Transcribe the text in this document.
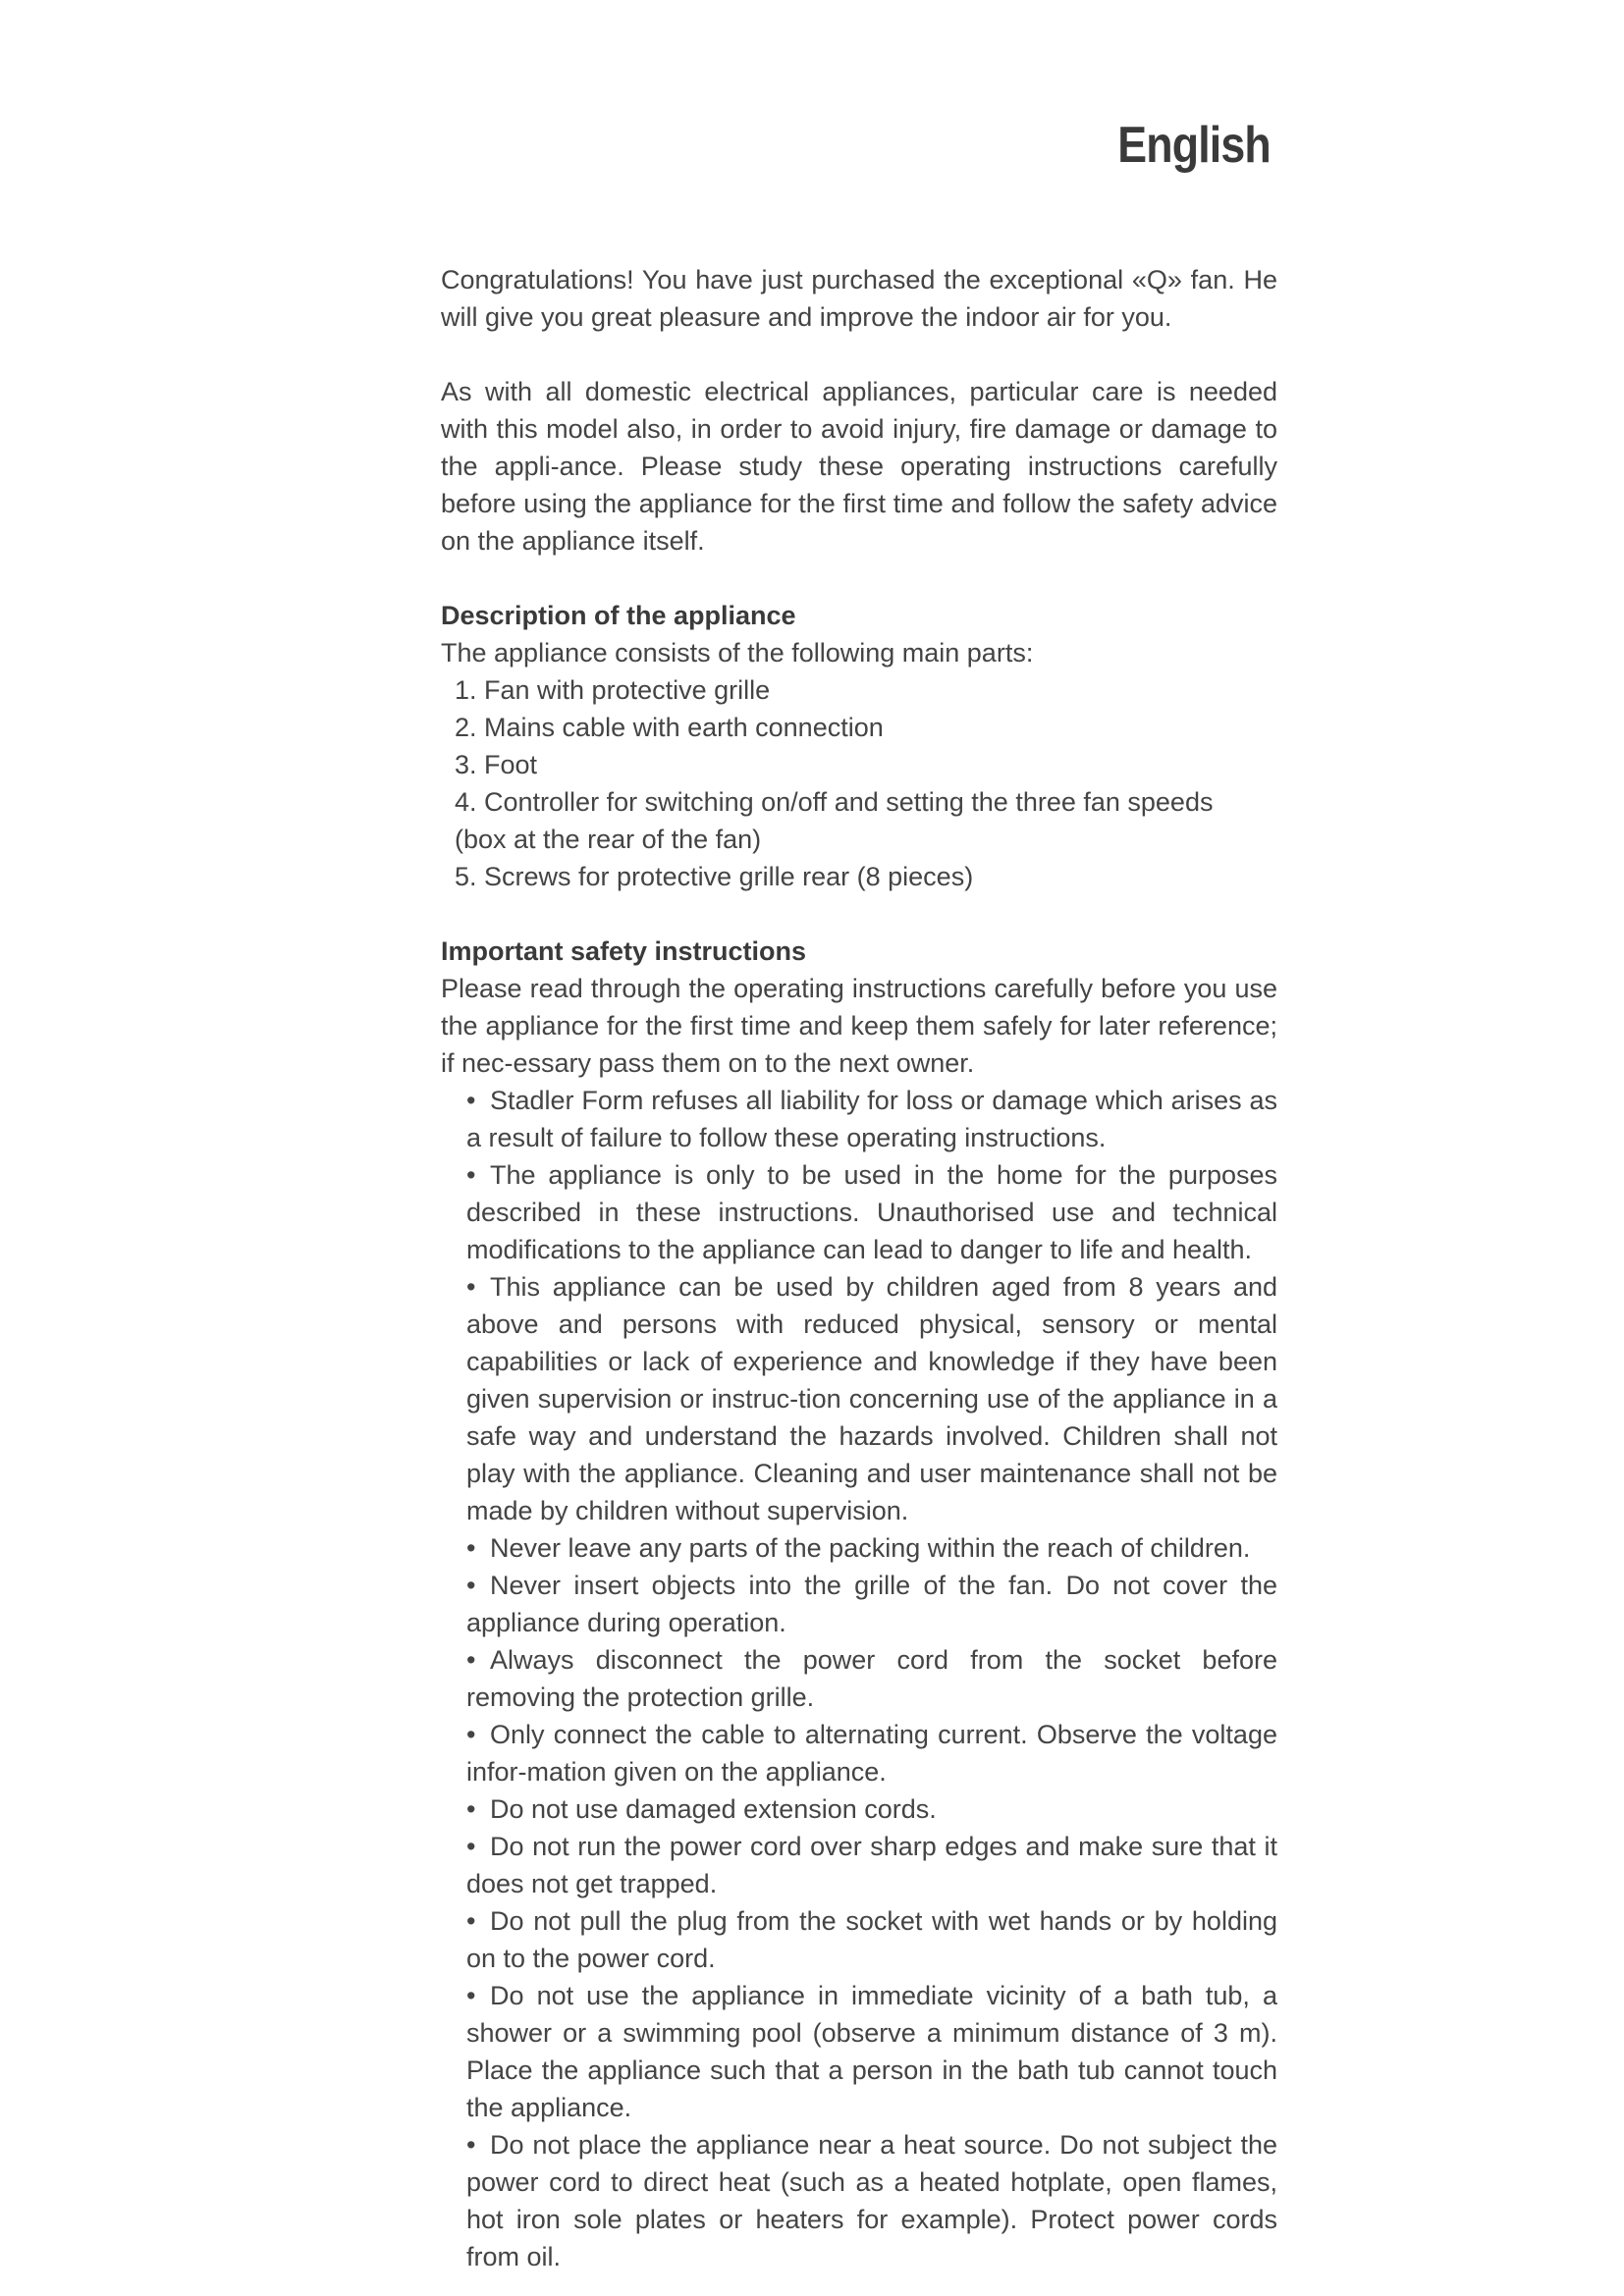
English

Congratulations! You have just purchased the exceptional «Q» fan. He will give you great pleasure and improve the indoor air for you.

As with all domestic electrical appliances, particular care is needed with this model also, in order to avoid injury, fire damage or damage to the appli-ance. Please study these operating instructions carefully before using the appliance for the first time and follow the safety advice on the appliance itself.

Description of the appliance

The appliance consists of the following main parts:

1. Fan with protective grille
2. Mains cable with earth connection
3. Foot
4. Controller for switching on/off and setting the three fan speeds
(box at the rear of the fan)
5. Screws for protective grille rear (8 pieces)

Important safety instructions

Please read through the operating instructions carefully before you use the appliance for the first time and keep them safely for later reference; if nec-essary pass them on to the next owner.

• Stadler Form refuses all liability for loss or damage which arises as a result of failure to follow these operating instructions.
• The appliance is only to be used in the home for the purposes described in these instructions. Unauthorised use and technical modifications to the appliance can lead to danger to life and health.
• This appliance can be used by children aged from 8 years and above and persons with reduced physical, sensory or mental capabilities or lack of experience and knowledge if they have been given supervision or instruc-tion concerning use of the appliance in a safe way and understand the hazards involved. Children shall not play with the appliance. Cleaning and user maintenance shall not be made by children without supervision.
• Never leave any parts of the packing within the reach of children.
• Never insert objects into the grille of the fan. Do not cover the appliance during operation.
• Always disconnect the power cord from the socket before removing the protection grille.
• Only connect the cable to alternating current. Observe the voltage infor-mation given on the appliance.
• Do not use damaged extension cords.
• Do not run the power cord over sharp edges and make sure that it does not get trapped.
• Do not pull the plug from the socket with wet hands or by holding on to the power cord.
• Do not use the appliance in immediate vicinity of a bath tub, a shower or a swimming pool (observe a minimum distance of 3 m). Place the appliance such that a person in the bath tub cannot touch the appliance.
• Do not place the appliance near a heat source. Do not subject the power cord to direct heat (such as a heated hotplate, open flames, hot iron sole plates or heaters for example). Protect power cords from oil.
